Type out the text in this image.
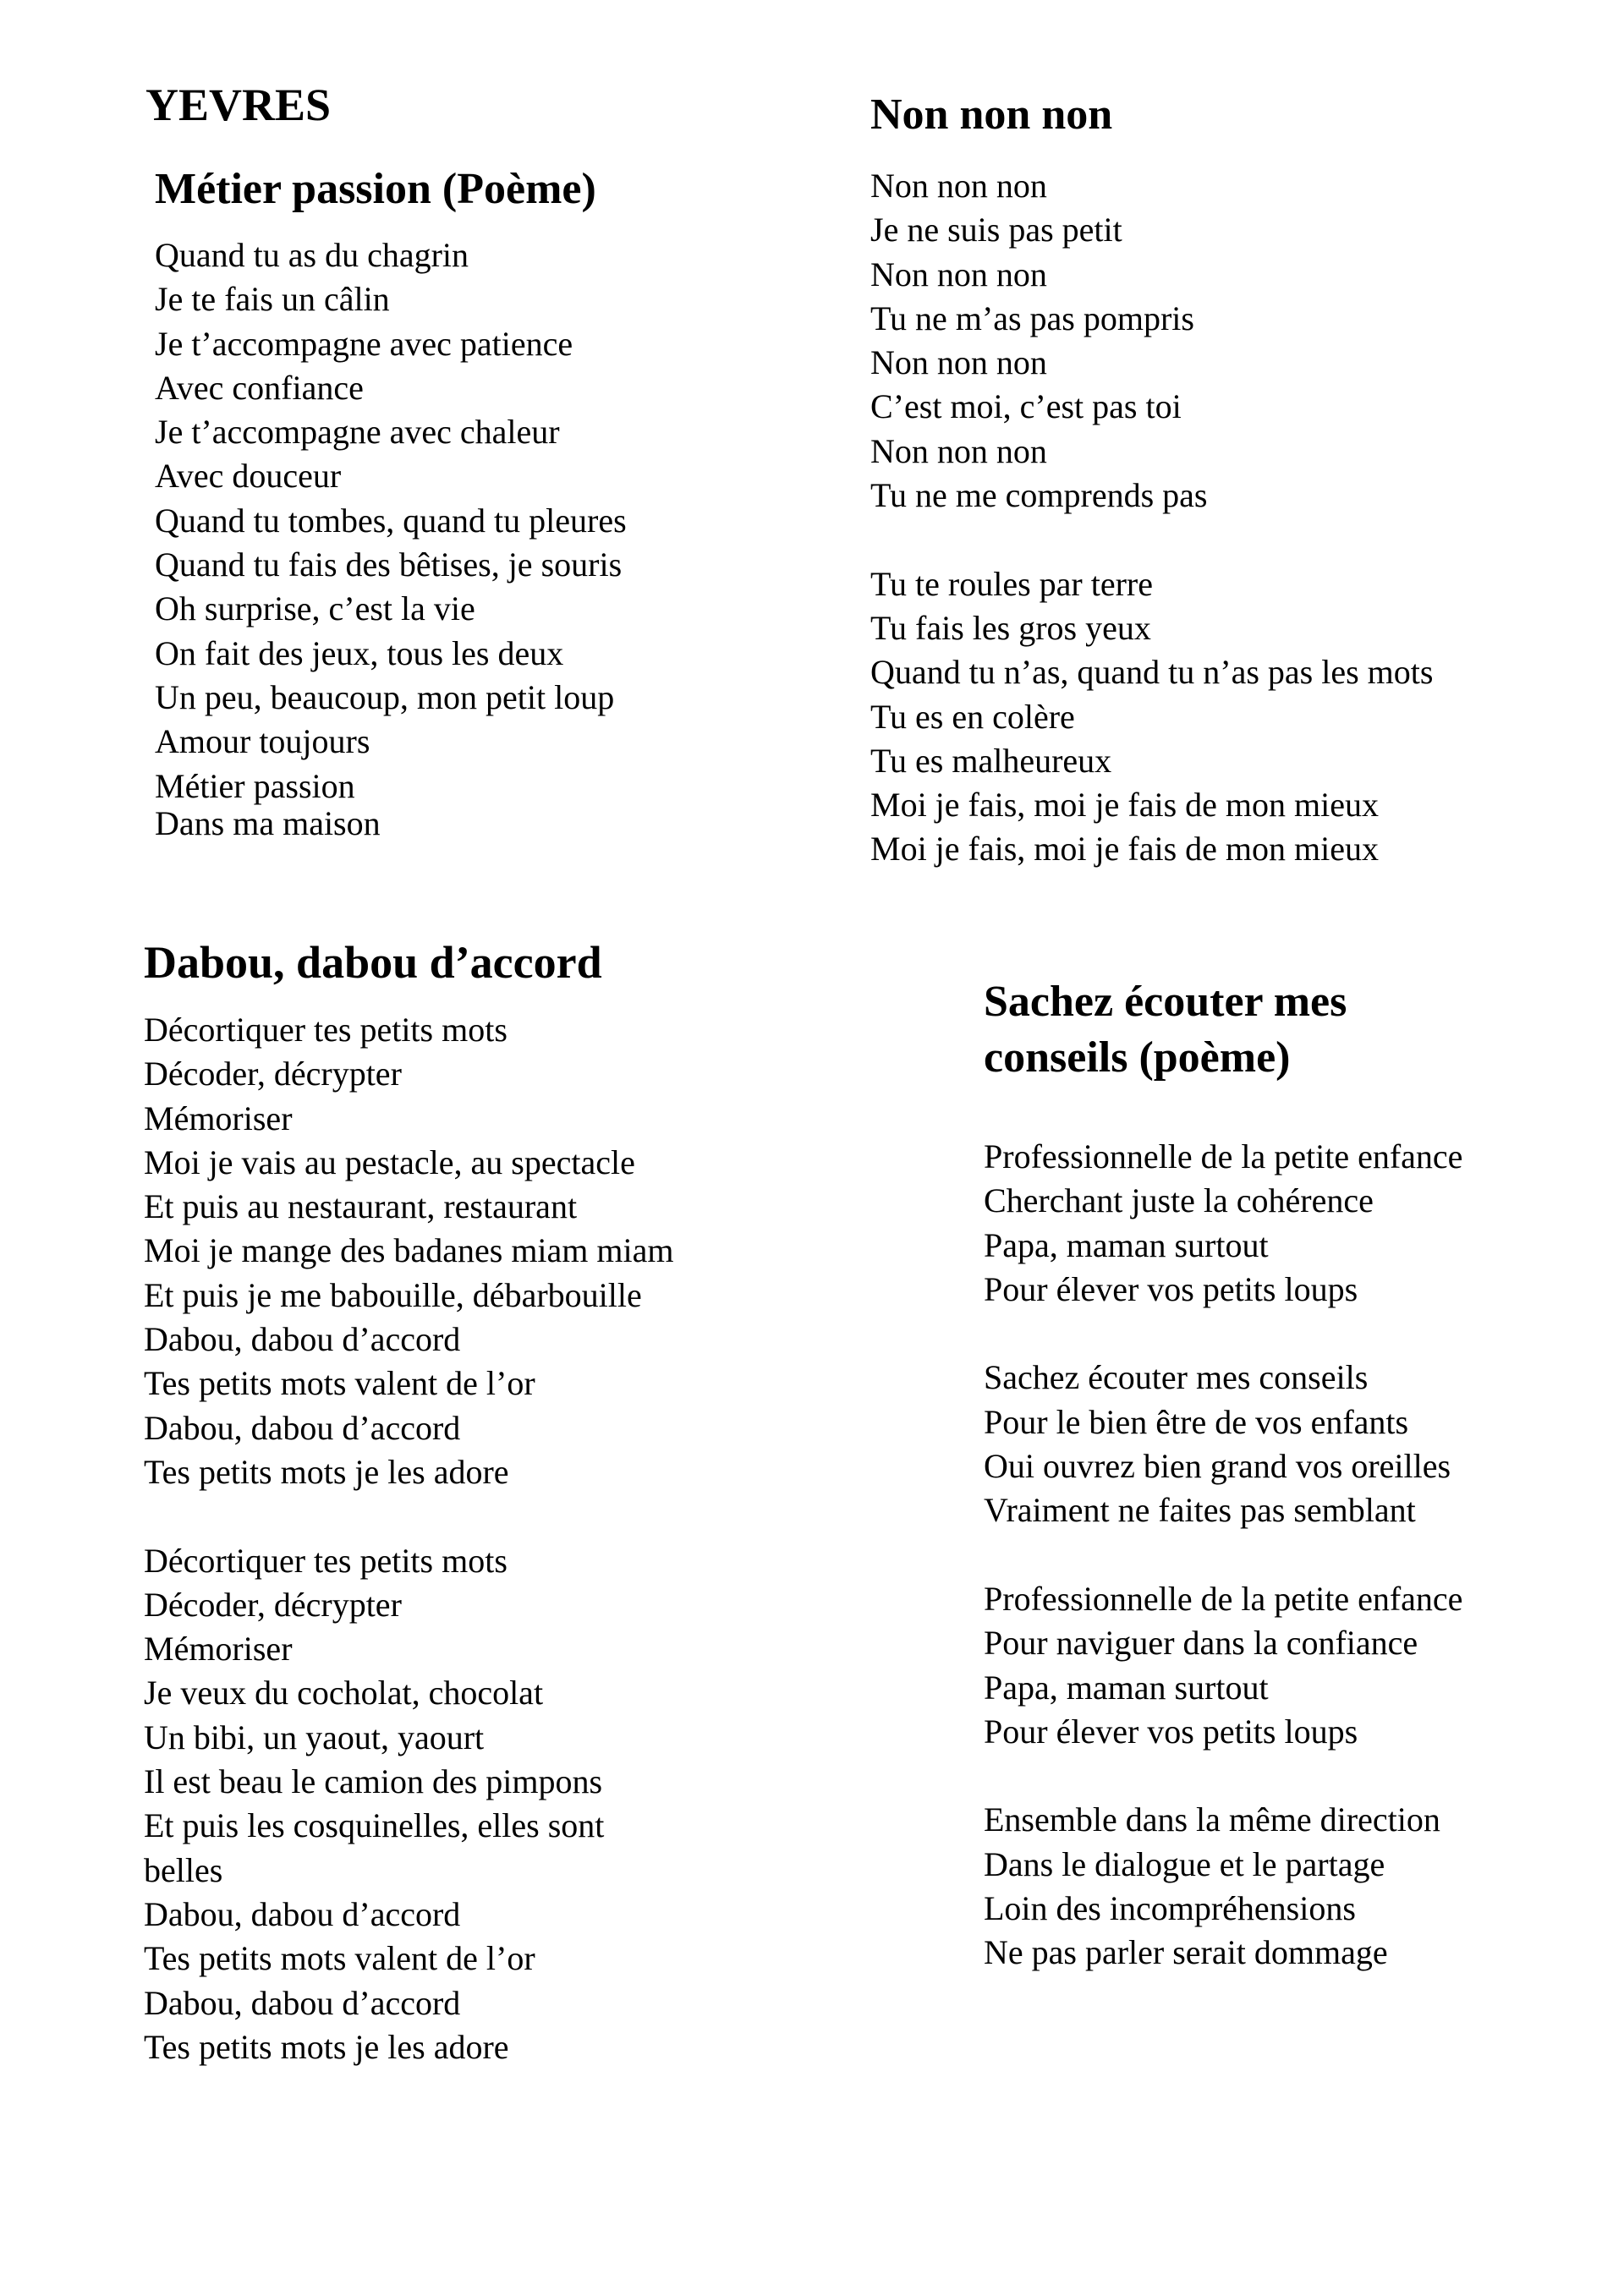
YEVRES
Métier passion (Poème)
Quand tu as du chagrin
Je te fais un câlin
Je t’accompagne avec patience
Avec confiance
Je t’accompagne avec chaleur
Avec douceur
Quand tu tombes, quand tu pleures
Quand tu fais des bêtises, je souris
Oh surprise, c’est la vie
On fait des jeux, tous les deux
Un peu, beaucoup, mon petit loup
Amour toujours
Métier passion
Dans ma maison
Non non non
Non non non
Je ne suis pas petit
Non non non
Tu ne m’as pas pompris
Non non non
C’est moi, c’est pas toi
Non non non
Tu ne me comprends pas
Tu te roules par terre
Tu fais les gros yeux
Quand tu n’as, quand tu n’as pas les mots
Tu es en colère
Tu es malheureux
Moi je fais, moi je fais de mon mieux
Moi je fais, moi je fais de mon mieux
Dabou, dabou d’accord
Décortiquer tes petits mots
Décoder, décrypter
Mémoriser
Moi je vais au pestacle, au spectacle
Et puis au nestaurant, restaurant
Moi je mange des badanes miam miam
Et puis je me babouille, débarbouille
Dabou, dabou d’accord
Tes petits mots valent de l’or
Dabou, dabou d’accord
Tes petits mots je les adore
Décortiquer tes petits mots
Décoder, décrypter
Mémoriser
Je veux du cocholat, chocolat
Un bibi, un yaout, yaourt
Il est beau le camion des pimpons
Et puis les cosquinelles, elles sont
belles
Dabou, dabou d’accord
Tes petits mots valent de l’or
Dabou, dabou d’accord
Tes petits mots je les adore
Sachez écouter mes
conseils (poème)
Professionnelle de la petite enfance
Cherchant juste la cohérence
Papa, maman surtout
Pour élever vos petits loups
Sachez écouter mes conseils
Pour le bien être de vos enfants
Oui ouvrez bien grand vos oreilles
Vraiment ne faites pas semblant
Professionnelle de la petite enfance
Pour naviguer dans la confiance
Papa, maman surtout
Pour élever vos petits loups
Ensemble dans la même direction
Dans le dialogue et le partage
Loin des incompréhensions
Ne pas parler serait dommage
